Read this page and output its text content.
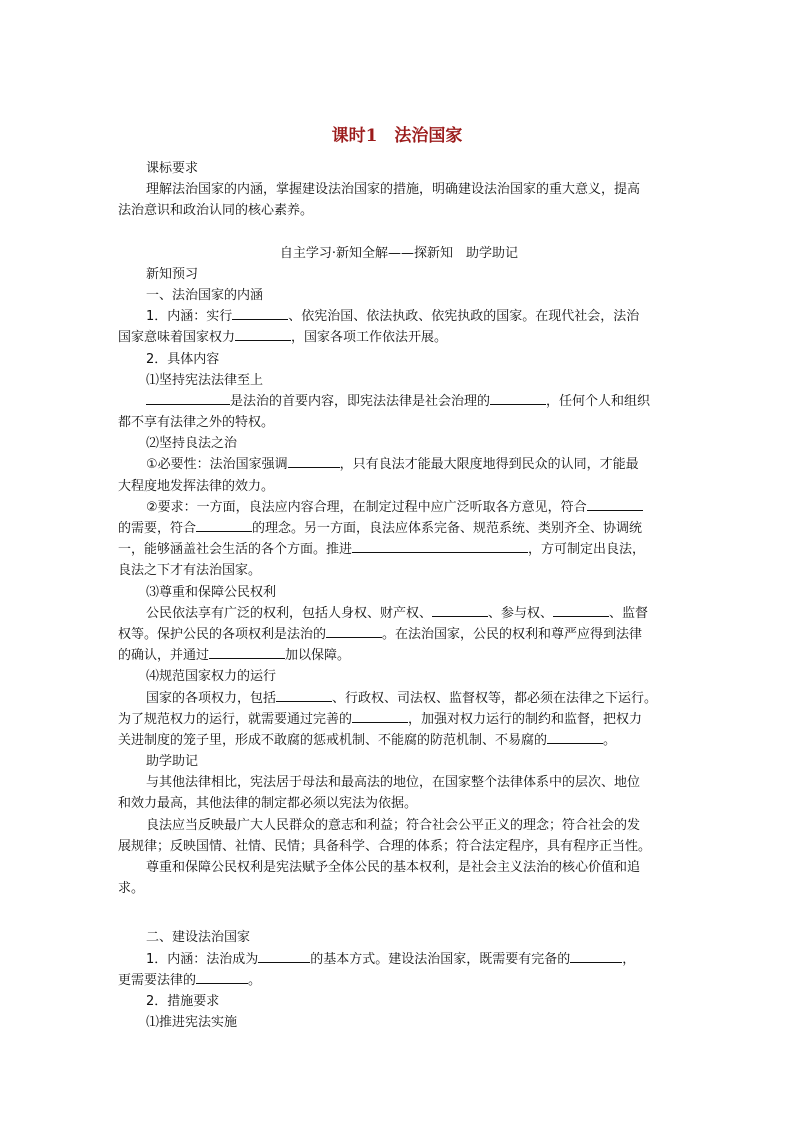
课时1　法治国家
课标要求
理解法治国家的内涵，掌握建设法治国家的措施，明确建设法治国家的重大意义，提高
法治意识和政治认同的核心素养。
自主学习·新知全解——探新知　助学助记
新知预习
一、法治国家的内涵
1．内涵：实行	、依宪治国、依法执政、依宪执政的国家。在现代社会，法治
国家意味着国家权力	，国家各项工作依法开展。
2．具体内容
⑴坚持宪法法律至上
是法治的首要内容，即宪法法律是社会治理的	，任何个人和组织
都不享有法律之外的特权。
⑵坚持良法之治
①必要性：法治国家强调	，只有良法才能最大限度地得到民众的认同，才能最
大程度地发挥法律的效力。
②要求：一方面，良法应内容合理，在制定过程中应广泛听取各方意见，符合
的需要，符合	的理念。另一方面，良法应体系完备、规范系统、类别齐全、协调统
一，能够涵盖社会生活的各个方面。推进	，方可制定出良法，
良法之下才有法治国家。
⑶尊重和保障公民权利
公民依法享有广泛的权利，包括人身权、财产权、	、参与权、	、监督
权等。保护公民的各项权利是法治的	。在法治国家，公民的权利和尊严应得到法律
的确认，并通过	加以保障。
⑷规范国家权力的运行
国家的各项权力，包括	、行政权、司法权、监督权等，都必须在法律之下运行。
为了规范权力的运行，就需要通过完善的	，加强对权力运行的制约和监督，把权力
关进制度的笼子里，形成不敢腐的惩戒机制、不能腐的防范机制、不易腐的	。
助学助记
与其他法律相比，宪法居于母法和最高法的地位，在国家整个法律体系中的层次、地位
和效力最高，其他法律的制定都必须以宪法为依据。
良法应当反映最广大人民群众的意志和利益；符合社会公平正义的理念；符合社会的发
展规律；反映国情、社情、民情；具备科学、合理的体系；符合法定程序，具有程序正当性。
尊重和保障公民权利是宪法赋予全体公民的基本权利，是社会主义法治的核心价值和追
求。
二、建设法治国家
1．内涵：法治成为	的基本方式。建设法治国家，既需要有完备的	，
更需要法律的	。
2．措施要求
⑴推进宪法实施
